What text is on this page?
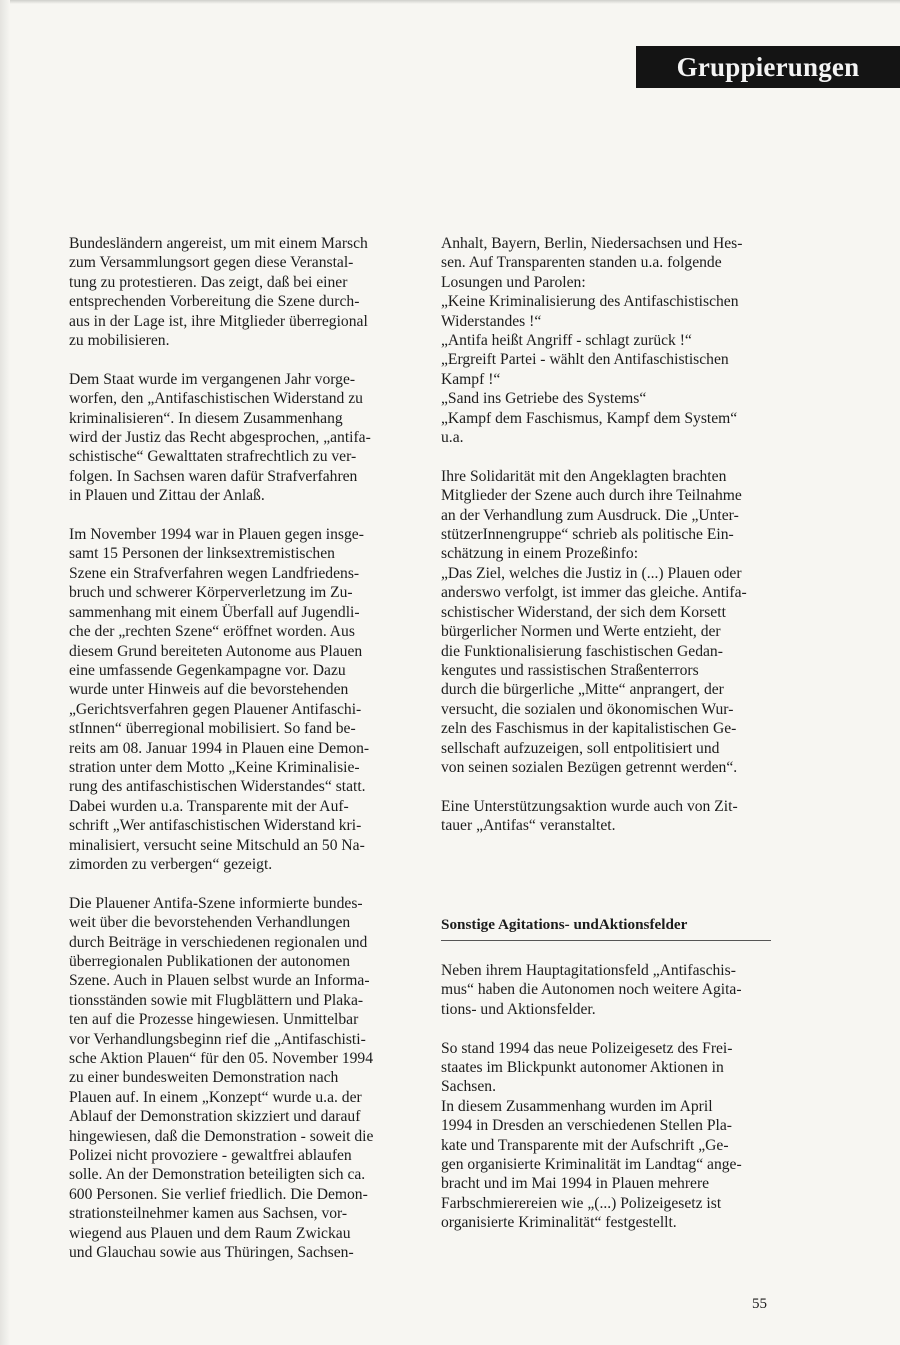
Gruppierungen

Bundesländern angereist, um mit einem Marsch
zum Versammlungsort gegen diese Veranstal-
tung zu protestieren. Das zeigt, daß bei einer
entsprechenden Vorbereitung die Szene durch-
aus in der Lage ist, ihre Mitglieder überregional
zu mobilisieren.

Dem Staat wurde im vergangenen Jahr vorge-
worfen, den „Antifaschistischen Widerstand zu
kriminalisieren“. In diesem Zusammenhang
wird der Justiz das Recht abgesprochen, „antifa-
schistische“ Gewalttaten strafrechtlich zu ver-
folgen. In Sachsen waren dafür Strafverfahren
in Plauen und Zittau der Anlaß.

Im November 1994 war in Plauen gegen insge-
samt 15 Personen der linksextremistischen
Szene ein Strafverfahren wegen Landfriedens-
bruch und schwerer Körperverletzung im Zu-
sammenhang mit einem Überfall auf Jugendli-
che der „rechten Szene“ eröffnet worden. Aus
diesem Grund bereiteten Autonome aus Plauen
eine umfassende Gegenkampagne vor. Dazu
wurde unter Hinweis auf die bevorstehenden
„Gerichtsverfahren gegen Plauener Antifaschi-
stInnen“ überregional mobilisiert. So fand be-
reits am 08. Januar 1994 in Plauen eine Demon-
stration unter dem Motto „Keine Kriminalisie-
rung des antifaschistischen Widerstandes“ statt.
Dabei wurden u.a. Transparente mit der Auf-
schrift „Wer antifaschistischen Widerstand kri-
minalisiert, versucht seine Mitschuld an 50 Na-
zimorden zu verbergen“ gezeigt.

Die Plauener Antifa-Szene informierte bundes-
weit über die bevorstehenden Verhandlungen
durch Beiträge in verschiedenen regionalen und
überregionalen Publikationen der autonomen
Szene. Auch in Plauen selbst wurde an Informa-
tionsständen sowie mit Flugblättern und Plaka-
ten auf die Prozesse hingewiesen. Unmittelbar
vor Verhandlungsbeginn rief die „Antifaschisti-
sche Aktion Plauen“ für den 05. November 1994
zu einer bundesweiten Demonstration nach
Plauen auf. In einem „Konzept“ wurde u.a. der
Ablauf der Demonstration skizziert und darauf
hingewiesen, daß die Demonstration - soweit die
Polizei nicht provoziere - gewaltfrei ablaufen
solle. An der Demonstration beteiligten sich ca.
600 Personen. Sie verlief friedlich. Die Demon-
strationsteilnehmer kamen aus Sachsen, vor-
wiegend aus Plauen und dem Raum Zwickau
und Glauchau sowie aus Thüringen, Sachsen-

Anhalt, Bayern, Berlin, Niedersachsen und Hes-
sen. Auf Transparenten standen u.a. folgende
Losungen und Parolen:
„Keine Kriminalisierung des Antifaschistischen
Widerstandes !“
„Antifa heißt Angriff - schlagt zurück !“
„Ergreift Partei - wählt den Antifaschistischen
Kampf !“
„Sand ins Getriebe des Systems“
„Kampf dem Faschismus, Kampf dem System“
u.a.

Ihre Solidarität mit den Angeklagten brachten
Mitglieder der Szene auch durch ihre Teilnahme
an der Verhandlung zum Ausdruck. Die „Unter-
stützerInnengruppe“ schrieb als politische Ein-
schätzung in einem Prozeßinfo:
„Das Ziel, welches die Justiz in (...) Plauen oder
anderswo verfolgt, ist immer das gleiche. Antifa-
schistischer Widerstand, der sich dem Korsett
bürgerlicher Normen und Werte entzieht, der
die Funktionalisierung faschistischen Gedan-
kengutes und rassistischen Straßenterrors
durch die bürgerliche „Mitte“ anprangert, der
versucht, die sozialen und ökonomischen Wur-
zeln des Faschismus in der kapitalistischen Ge-
sellschaft aufzuzeigen, soll entpolitisiert und
von seinen sozialen Bezügen getrennt werden“.

Eine Unterstützungsaktion wurde auch von Zit-
tauer „Antifas“ veranstaltet.

Sonstige Agitations- undAktionsfelder

Neben ihrem Hauptagitationsfeld „Antifaschis-
mus“ haben die Autonomen noch weitere Agita-
tions- und Aktionsfelder.

So stand 1994 das neue Polizeigesetz des Frei-
staates im Blickpunkt autonomer Aktionen in
Sachsen.
In diesem Zusammenhang wurden im April
1994 in Dresden an verschiedenen Stellen Pla-
kate und Transparente mit der Aufschrift „Ge-
gen organisierte Kriminalität im Landtag“ ange-
bracht und im Mai 1994 in Plauen mehrere
Farbschmierereien wie „(...) Polizeigesetz ist
organisierte Kriminalität“ festgestellt.

55
